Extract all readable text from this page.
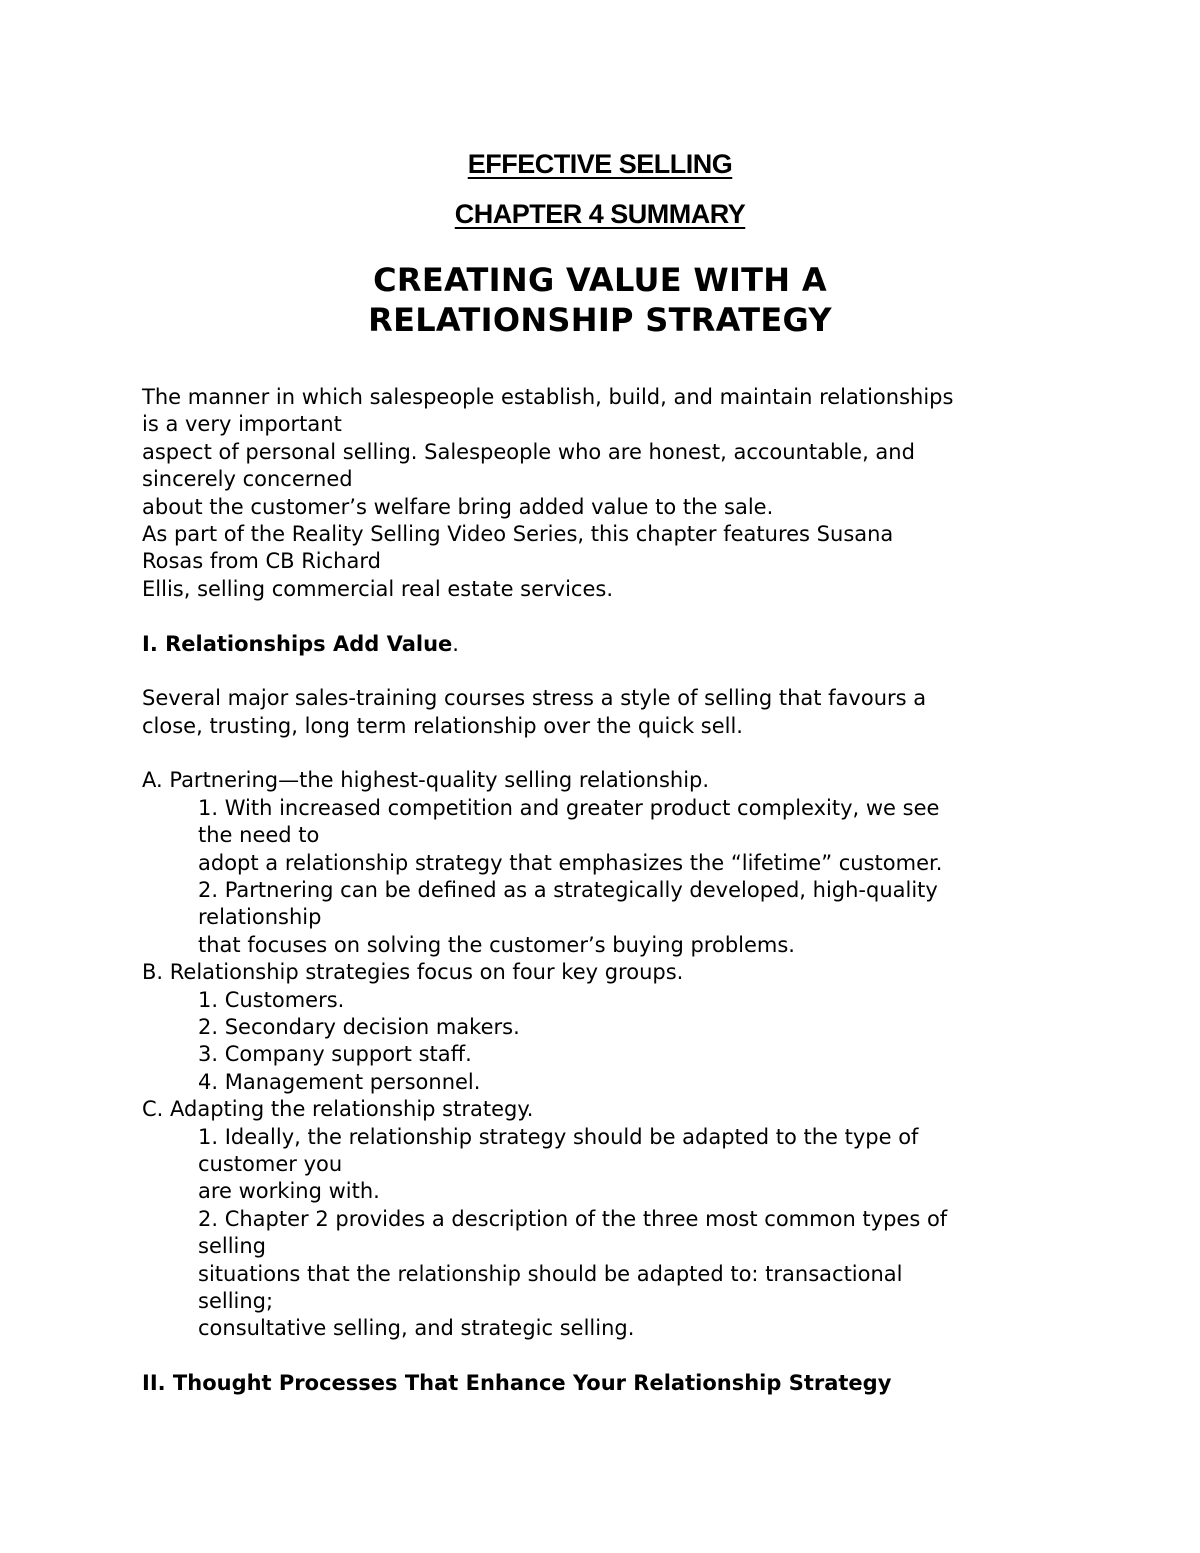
EFFECTIVE SELLING
CHAPTER 4 SUMMARY
CREATING VALUE WITH A
RELATIONSHIP STRATEGY
The manner in which salespeople establish, build, and maintain relationships
is a very important
aspect of personal selling. Salespeople who are honest, accountable, and
sincerely concerned
about the customer’s welfare bring added value to the sale.
As part of the Reality Selling Video Series, this chapter features Susana
Rosas from CB Richard
Ellis, selling commercial real estate services.
I. Relationships Add Value.
Several major sales-training courses stress a style of selling that favours a
close, trusting, long term relationship over the quick sell.
A. Partnering—the highest-quality selling relationship.
1. With increased competition and greater product complexity, we see
the need to
adopt a relationship strategy that emphasizes the “lifetime” customer.
2. Partnering can be defined as a strategically developed, high-quality
relationship
that focuses on solving the customer’s buying problems.
B. Relationship strategies focus on four key groups.
1. Customers.
2. Secondary decision makers.
3. Company support staff.
4. Management personnel.
C. Adapting the relationship strategy.
1. Ideally, the relationship strategy should be adapted to the type of
customer you
are working with.
2. Chapter 2 provides a description of the three most common types of
selling
situations that the relationship should be adapted to: transactional
selling;
consultative selling, and strategic selling.
II. Thought Processes That Enhance Your Relationship Strategy
